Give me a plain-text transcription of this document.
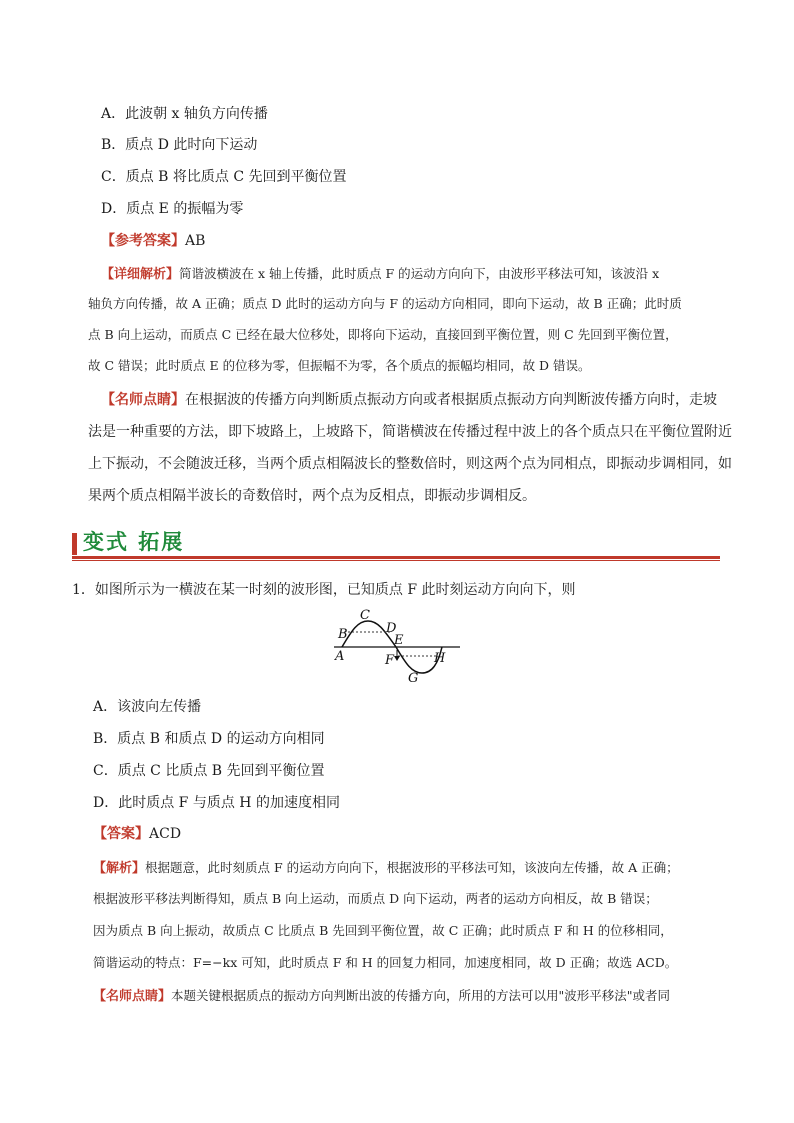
A．此波朝 x 轴负方向传播
B．质点 D 此时向下运动
C．质点 B 将比质点 C 先回到平衡位置
D．质点 E 的振幅为零
【参考答案】AB
【详细解析】简谐波横波在 x 轴上传播，此时质点 F 的运动方向向下，由波形平移法可知，该波沿 x
轴负方向传播，故 A 正确；质点 D 此时的运动方向与 F 的运动方向相同，即向下运动，故 B 正确；此时质
点 B 向上运动，而质点 C 已经在最大位移处，即将向下运动，直接回到平衡位置，则 C 先回到平衡位置，
故 C 错误；此时质点 E 的位移为零，但振幅不为零，各个质点的振幅均相同，故 D 错误。
【名师点睛】在根据波的传播方向判断质点振动方向或者根据质点振动方向判断波传播方向时，走坡
法是一种重要的方法，即下坡路上，上坡路下，简谐横波在传播过程中波上的各个质点只在平衡位置附近
上下振动，不会随波迁移，当两个质点相隔波长的整数倍时，则这两个点为同相点，即振动步调相同，如
果两个质点相隔半波长的奇数倍时，两个点为反相点，即振动步调相反。
变式 拓展
1．如图所示为一横波在某一时刻的波形图，已知质点 F 此时刻运动方向向下，则
A
B
C
D
E
F
G
H
A．该波向左传播
B．质点 B 和质点 D 的运动方向相同
C．质点 C 比质点 B 先回到平衡位置
D．此时质点 F 与质点 H 的加速度相同
【答案】ACD
【解析】根据题意，此时刻质点 F 的运动方向向下，根据波形的平移法可知，该波向左传播，故 A 正确；
根据波形平移法判断得知，质点 B 向上运动，而质点 D 向下运动，两者的运动方向相反，故 B 错误；
因为质点 B 向上振动，故质点 C 比质点 B 先回到平衡位置，故 C 正确；此时质点 F 和 H 的位移相同，
简谐运动的特点：F=−kx 可知，此时质点 F 和 H 的回复力相同，加速度相同，故 D 正确；故选 ACD。
【名师点睛】本题关键根据质点的振动方向判断出波的传播方向，所用的方法可以用"波形平移法"或者同
